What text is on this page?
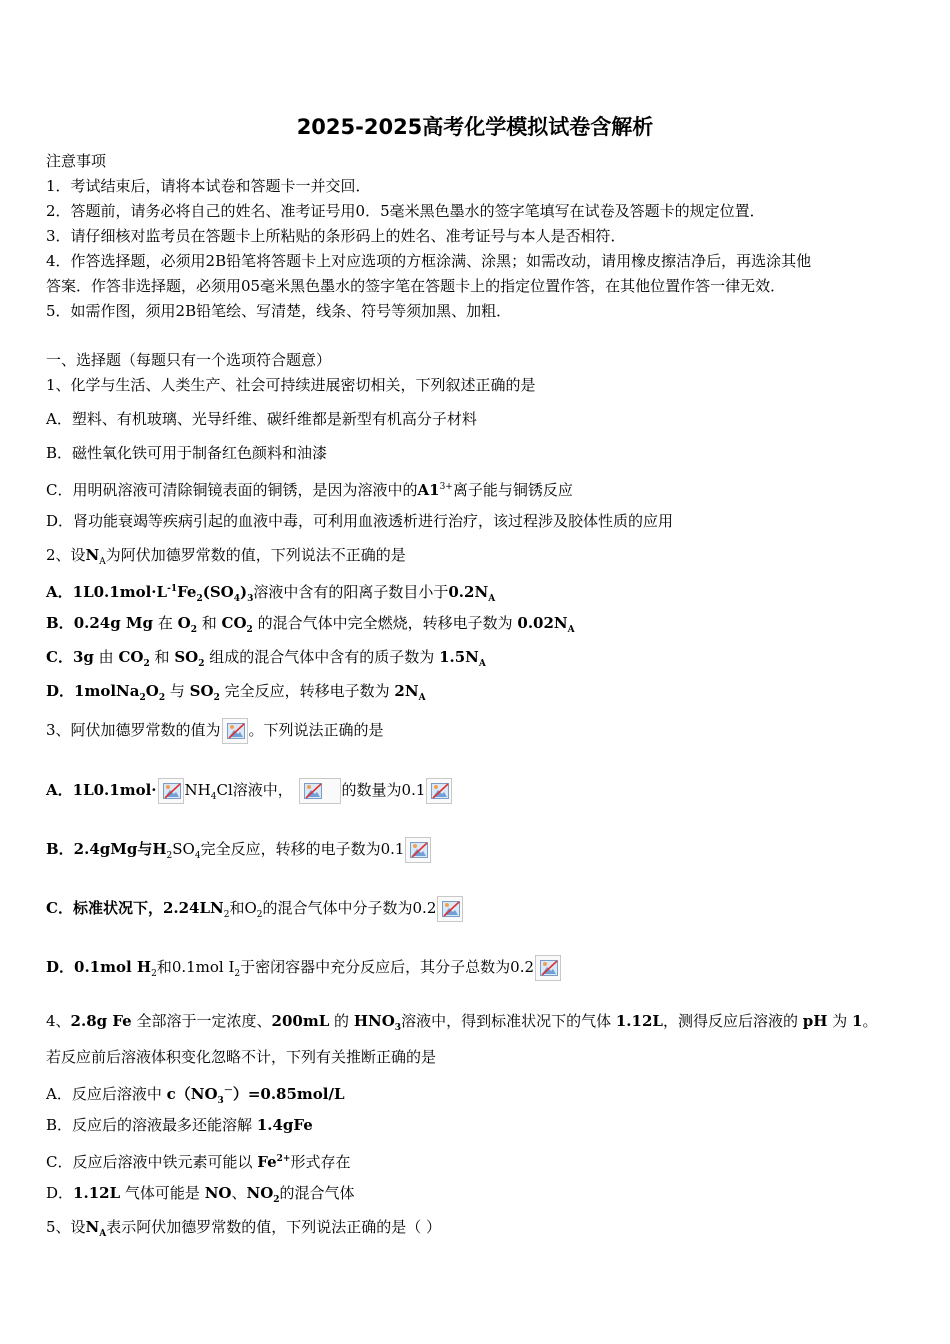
2025-2025高考化学模拟试卷含解析
注意事项
1．考试结束后，请将本试卷和答题卡一并交回．
2．答题前，请务必将自己的姓名、准考证号用0．5毫米黑色墨水的签字笔填写在试卷及答题卡的规定位置．
3．请仔细核对监考员在答题卡上所粘贴的条形码上的姓名、准考证号与本人是否相符．
4．作答选择题，必须用2B铅笔将答题卡上对应选项的方框涂满、涂黑；如需改动，请用橡皮擦洁净后，再选涂其他
答案．作答非选择题，必须用05毫米黑色墨水的签字笔在答题卡上的指定位置作答，在其他位置作答一律无效．
5．如需作图，须用2B铅笔绘、写清楚，线条、符号等须加黑、加粗．
一、选择题（每题只有一个选项符合题意）
1、化学与生活、人类生产、社会可持续进展密切相关，下列叙述正确的是
A．塑料、有机玻璃、光导纤维、碳纤维都是新型有机高分子材料
B．磁性氧化铁可用于制备红色颜料和油漆
C．用明矾溶液可清除铜镜表面的铜锈，是因为溶液中的$A1^{3+}$离子能与铜锈反应
D．肾功能衰竭等疾病引起的血液中毒，可利用血液透析进行治疗，该过程涉及胶体性质的应用
2、设$N_A$为阿伏加德罗常数的值，下列说法不正确的是
A．$1L0.1mol\cdot L^{-1}Fe_2(SO_4)_3$溶液中含有的阳离子数目小于$0.2N_A$
B．0.24g Mg 在 $O_2$ 和 $CO_2$ 的混合气体中完全燃烧，转移电子数为 $0.02N_A$
C．3g 由 $CO_2$ 和 $SO_2$ 组成的混合气体中含有的质子数为 $1.5N_A$
D．$1molNa_2O_2$ 与 $SO_2$ 完全反应，转移电子数为 $2N_A$
3、阿伏加德罗常数的值为 。下列说法正确的是
A．$1L0.1mol\cdot NH_4Cl$溶液中，	的数量为0.1
B．2.4gMg与$H_2SO_4$完全反应，转移的电子数为0.1
C．标准状况下，$2.24LN_2$和$O_2$的混合气体中分子数为0.2
D．0.1mol $H_2$和0.1mol $I_2$于密闭容器中充分反应后，其分子总数为0.2
4、2.8g Fe 全部溶于一定浓度、200mL 的 $HNO_3$溶液中，得到标准状况下的气体 1.12L，测得反应后溶液的 pH 为 1。
若反应前后溶液体积变化忽略不计，下列有关推断正确的是
A．反应后溶液中 $c(NO_3^-)=0.85mol/L$
B．反应后的溶液最多还能溶解 1.4gFe
C．反应后溶液中铁元素可能以 $Fe^{2+}$形式存在
D．1.12L 气体可能是 NO、$NO_2$的混合气体
5、设$N_A$表示阿伏加德罗常数的值，下列说法正确的是（ ）
